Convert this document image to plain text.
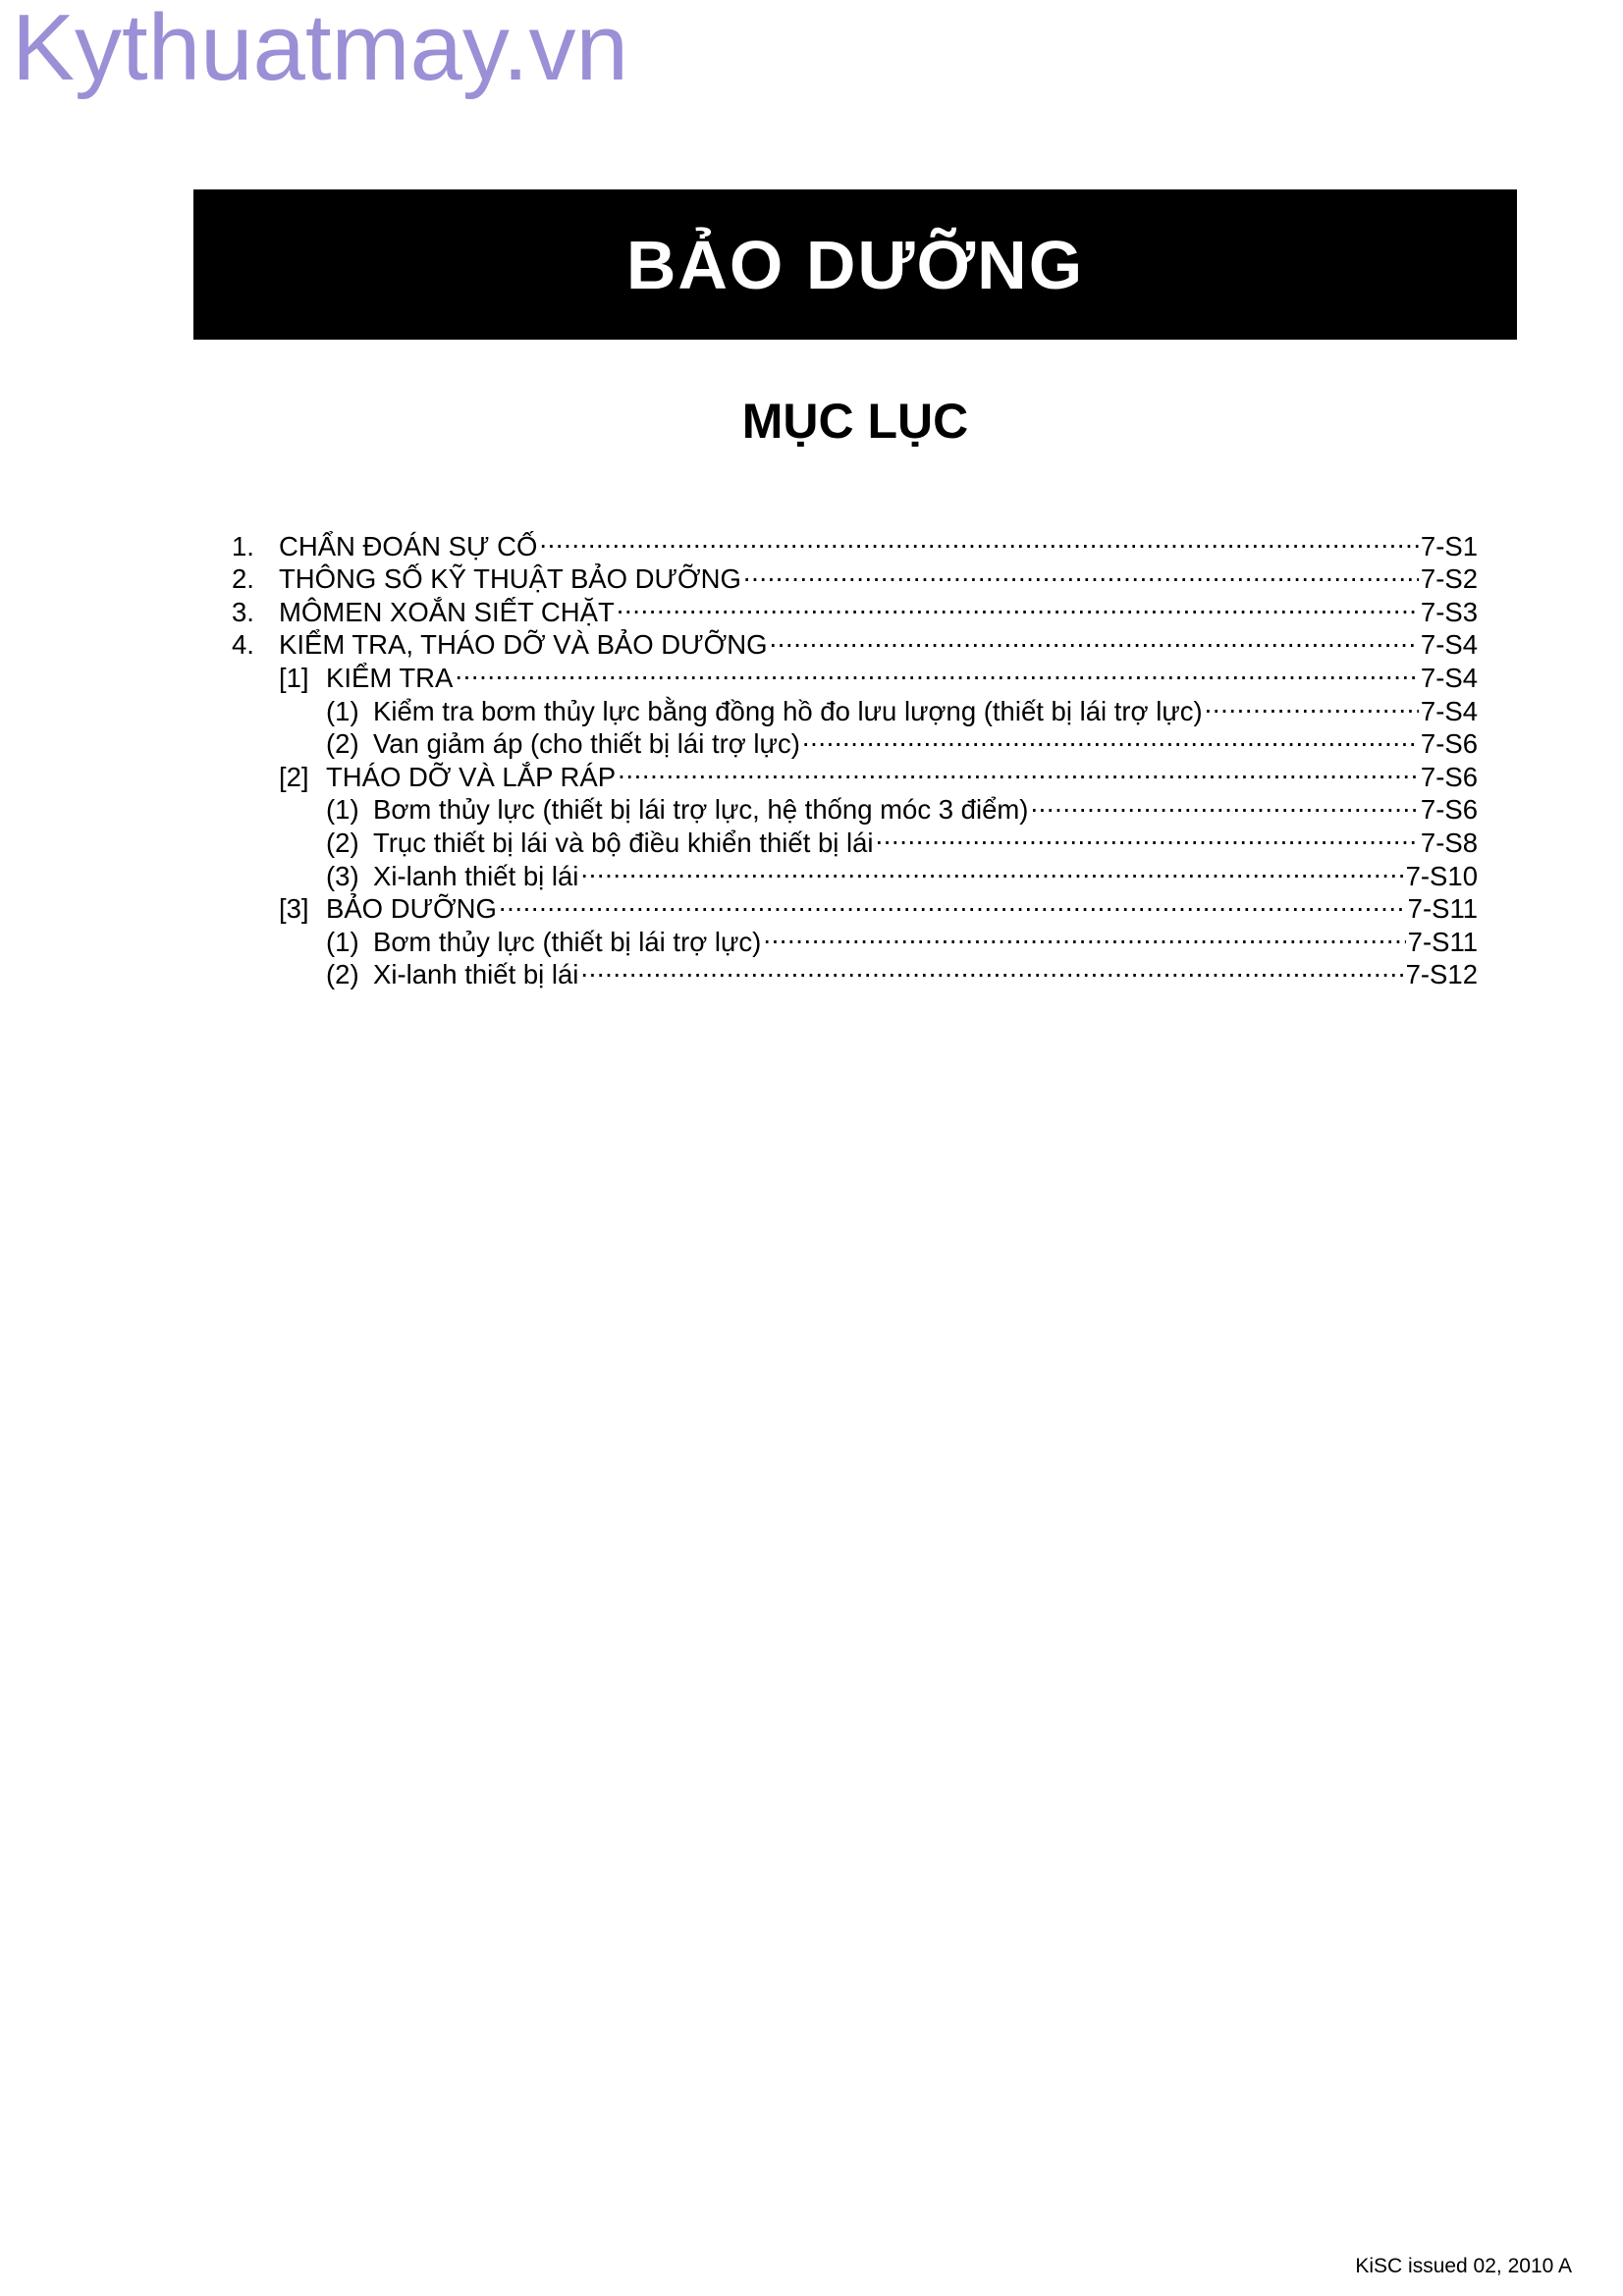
Kythuatmay.vn
BẢO DƯỠNG
MỤC LỤC
1. CHẨN ĐOÁN SỰ CỐ .....	7-S1
2. THÔNG SỐ KỸ THUẬT BẢO DƯỠNG .....	7-S2
3. MÔMEN XOẮN SIẾT CHẶT .....	7-S3
4. KIỂM TRA, THÁO DỠ VÀ BẢO DƯỠNG .....	7-S4
[1] KIỂM TRA .....	7-S4
(1) Kiểm tra bơm thủy lực bằng đồng hồ đo lưu lượng (thiết bị lái trợ lực) .....	7-S4
(2) Van giảm áp (cho thiết bị lái trợ lực) .....	7-S6
[2] THÁO DỠ VÀ LẮP RÁP .....	7-S6
(1) Bơm thủy lực (thiết bị lái trợ lực, hệ thống móc 3 điểm) .....	7-S6
(2) Trục thiết bị lái và bộ điều khiển thiết bị lái .....	7-S8
(3) Xi-lanh thiết bị lái .....	7-S10
[3] BẢO DƯỠNG .....	7-S11
(1) Bơm thủy lực (thiết bị lái trợ lực) .....	7-S11
(2) Xi-lanh thiết bị lái .....	7-S12
KiSC issued 02, 2010 A
